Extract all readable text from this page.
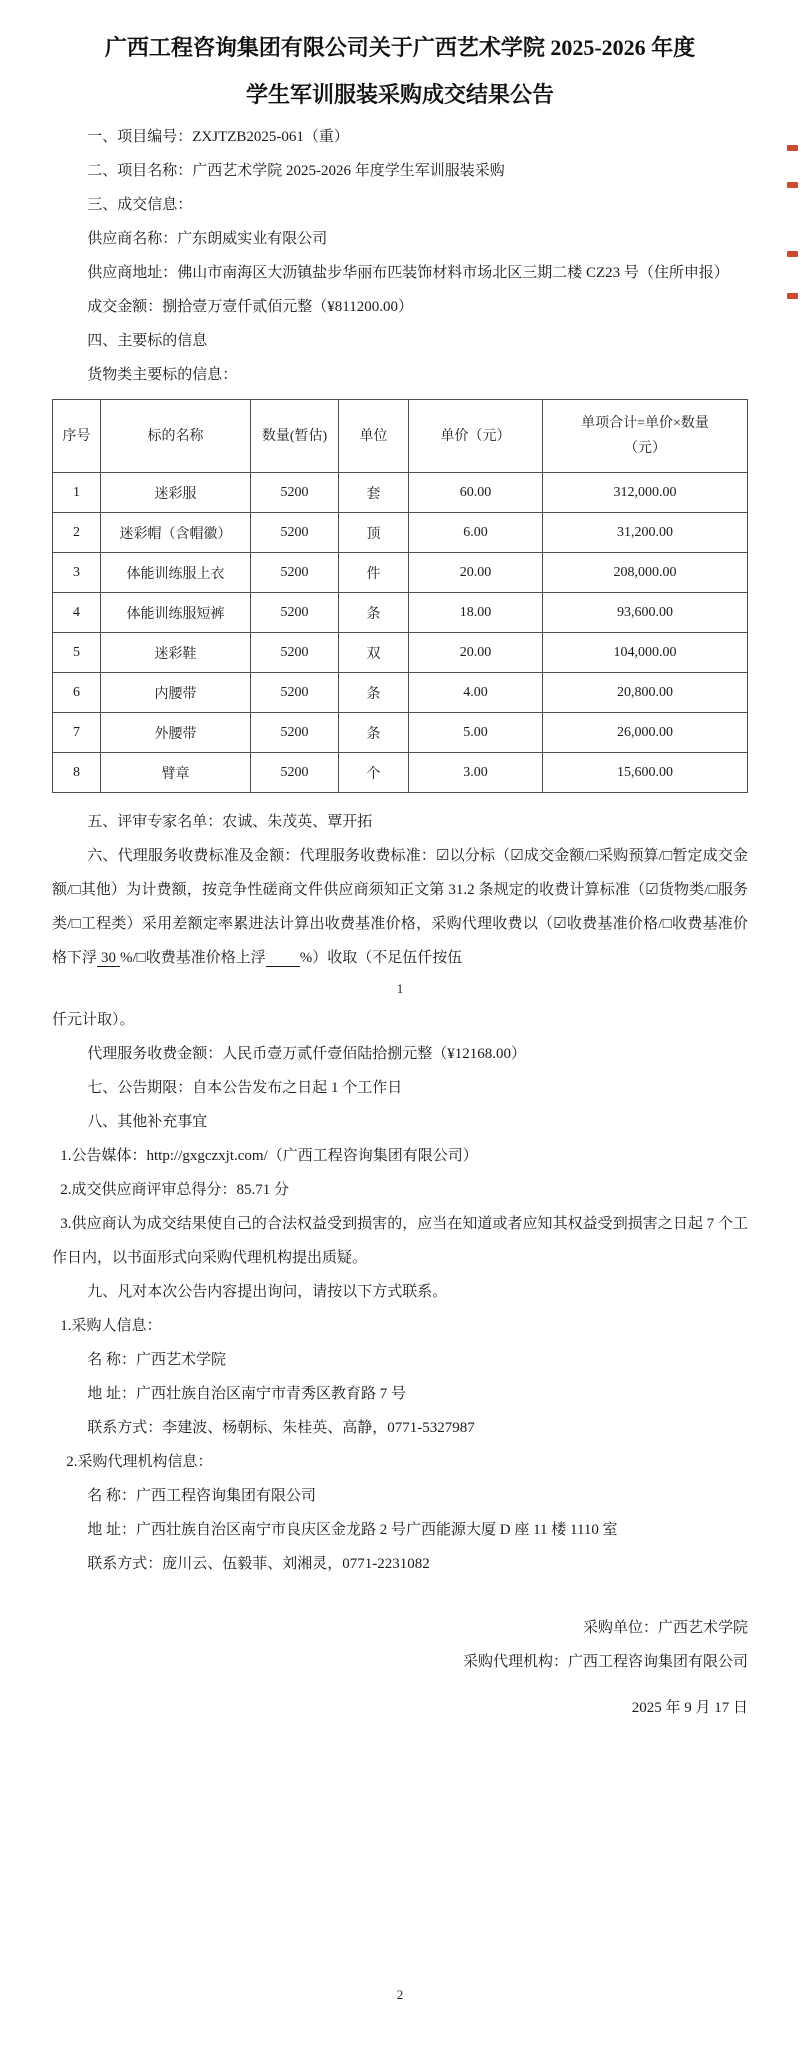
广西工程咨询集团有限公司关于广西艺术学院 2025-2026 年度
学生军训服装采购成交结果公告

一、项目编号：ZXJTZB2025-061（重）

二、项目名称：广西艺术学院 2025-2026 年度学生军训服装采购

三、成交信息：

供应商名称：广东朗威实业有限公司

供应商地址：佛山市南海区大沥镇盐步华丽布匹装饰材料市场北区三期二楼 CZ23 号（住所申报）

成交金额：捌拾壹万壹仟贰佰元整（¥811200.00）

四、主要标的信息

货物类主要标的信息：

序号	标的名称	数量(暂估)	单位	单价（元）	单项合计=单价×数量
（元）

1	迷彩服	5200	套	60.00	312,000.00
2	迷彩帽（含帽徽）	5200	顶	6.00	31,200.00
3	体能训练服上衣	5200	件	20.00	208,000.00
4	体能训练服短裤	5200	条	18.00	93,600.00
5	迷彩鞋	5200	双	20.00	104,000.00
6	内腰带	5200	条	4.00	20,800.00
7	外腰带	5200	条	5.00	26,000.00
8	臂章	5200	个	3.00	15,600.00

五、评审专家名单：农诚、朱茂英、覃开拓

六、代理服务收费标准及金额：代理服务收费标准：☑以分标（☑成交金额/□采购预算/□暂定成交金额/□其他）为计费额，按竞争性磋商文件供应商须知正文第 31.2 条规定的收费计算标准（☑货物类/□服务类/□工程类）采用差额定率累进法计算出收费基准价格，采购代理收费以（☑收费基准价格/□收费基准价格下浮 30 %/□收费基准价格上浮　　 %）收取（不足伍仟按伍

1

仟元计取）。

代理服务收费金额：人民币壹万贰仟壹佰陆拾捌元整（¥12168.00）

七、公告期限：自本公告发布之日起 1 个工作日

八、其他补充事宜

1.公告媒体：http://gxgczxjt.com/（广西工程咨询集团有限公司）

2.成交供应商评审总得分：85.71 分

3.供应商认为成交结果使自己的合法权益受到损害的，应当在知道或者应知其权益受到损害之日起 7 个工作日内，以书面形式向采购代理机构提出质疑。

九、凡对本次公告内容提出询问，请按以下方式联系。

1.采购人信息：

名 称：广西艺术学院

地 址：广西壮族自治区南宁市青秀区教育路 7 号

联系方式：李建波、杨朝标、朱桂英、高静，0771-5327987

2.采购代理机构信息：

名 称：广西工程咨询集团有限公司

地 址：广西壮族自治区南宁市良庆区金龙路 2 号广西能源大厦 D 座 11 楼 1110 室

联系方式：庞川云、伍毅菲、刘湘灵，0771-2231082

采购单位：广西艺术学院
采购代理机构：广西工程咨询集团有限公司
2025 年 9 月 17 日
2
